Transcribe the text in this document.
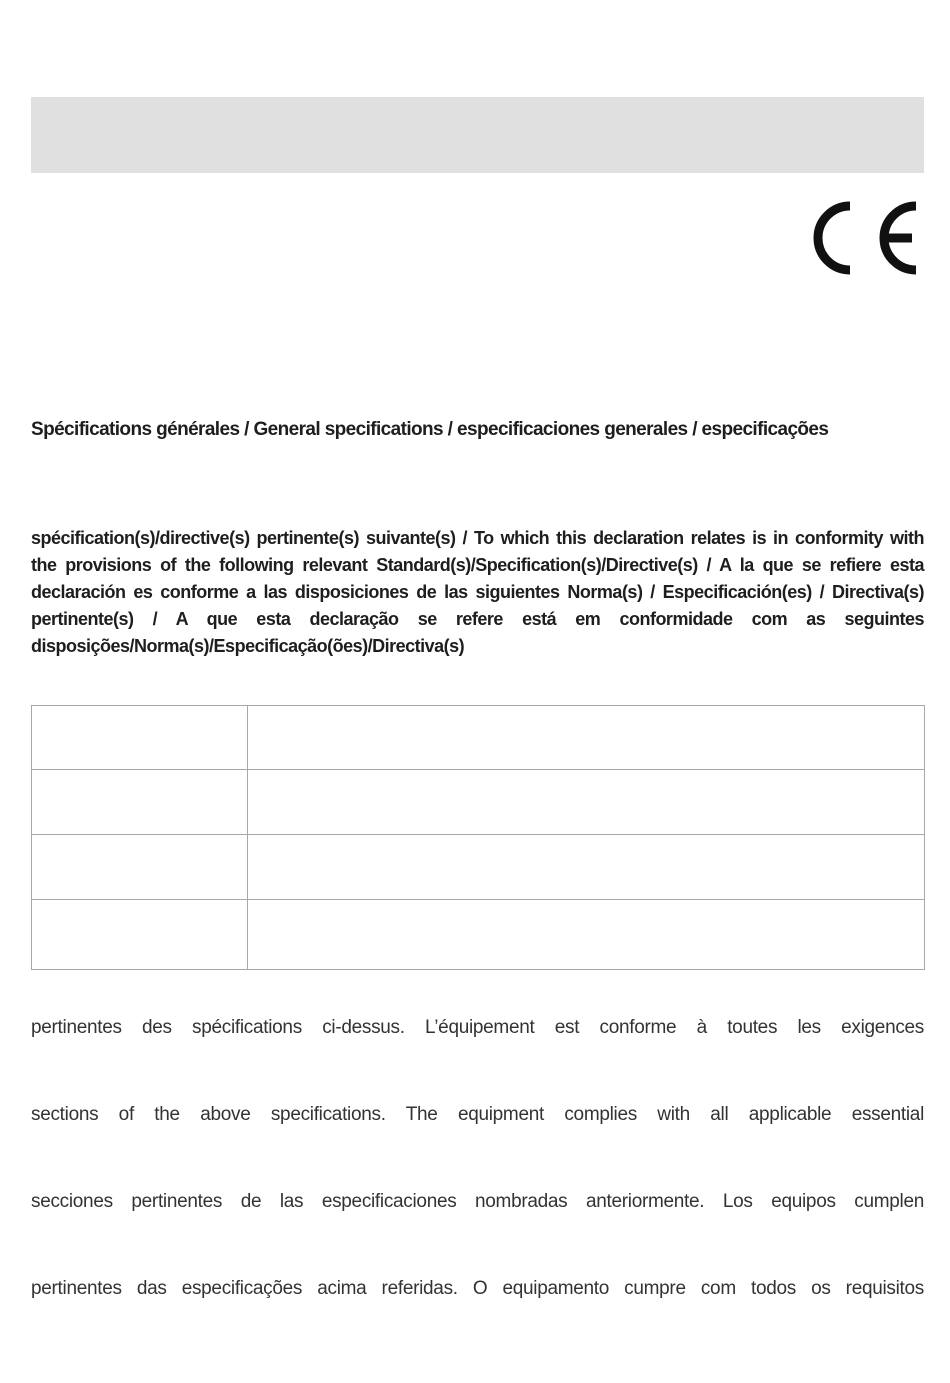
Spécifications générales / General specifications / especificaciones generales / especificações

spécification(s)/directive(s) pertinente(s) suivante(s) / To which this declaration relates is in conformity with the provisions of the following relevant Standard(s)/Specification(s)/Directive(s) / A la que se refiere esta declaración es conforme a las disposiciones de las siguientes Norma(s) / Especificación(es) / Directiva(s) pertinente(s) / A que esta declaração se refere está em conformidade com as seguintes disposições/Norma(s)/Especificação(ões)/Directiva(s)

pertinentes des spécifications ci-dessus. L’équipement est conforme à toutes les exigences

sections of the above specifications. The equipment complies with all applicable essential

secciones pertinentes de las especificaciones nombradas anteriormente. Los equipos cumplen

pertinentes das especificações acima referidas. O equipamento cumpre com todos os requisitos
